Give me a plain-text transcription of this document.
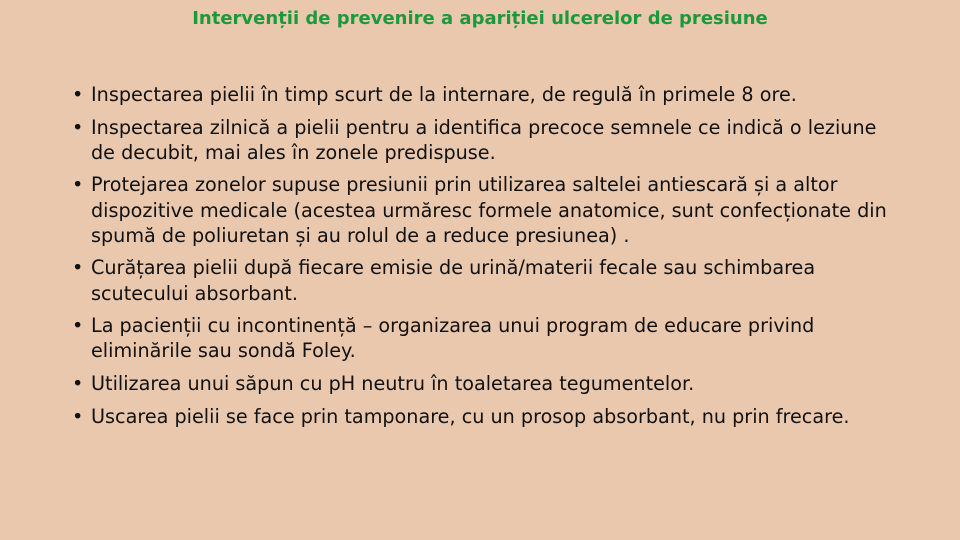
Intervenții de prevenire a apariției ulcerelor de presiune
• Inspectarea pielii în timp scurt de la internare, de regulă în primele 8 ore.
• Inspectarea zilnică a pielii pentru a identifica precoce semnele ce indică o leziune de decubit, mai ales în zonele predispuse.
• Protejarea zonelor supuse presiunii prin utilizarea saltelei antiescară și a altor dispozitive medicale (acestea urmăresc formele anatomice, sunt confecționate din spumă de poliuretan și au rolul de a reduce presiunea) .
• Curățarea pielii după fiecare emisie de urină/materii fecale sau schimbarea scutecului absorbant.
• La pacienții cu incontinență – organizarea unui program de educare privind eliminările sau sondă Foley.
• Utilizarea unui săpun cu pH neutru în toaletarea tegumentelor.
• Uscarea pielii se face prin tamponare, cu un prosop absorbant, nu prin frecare.
